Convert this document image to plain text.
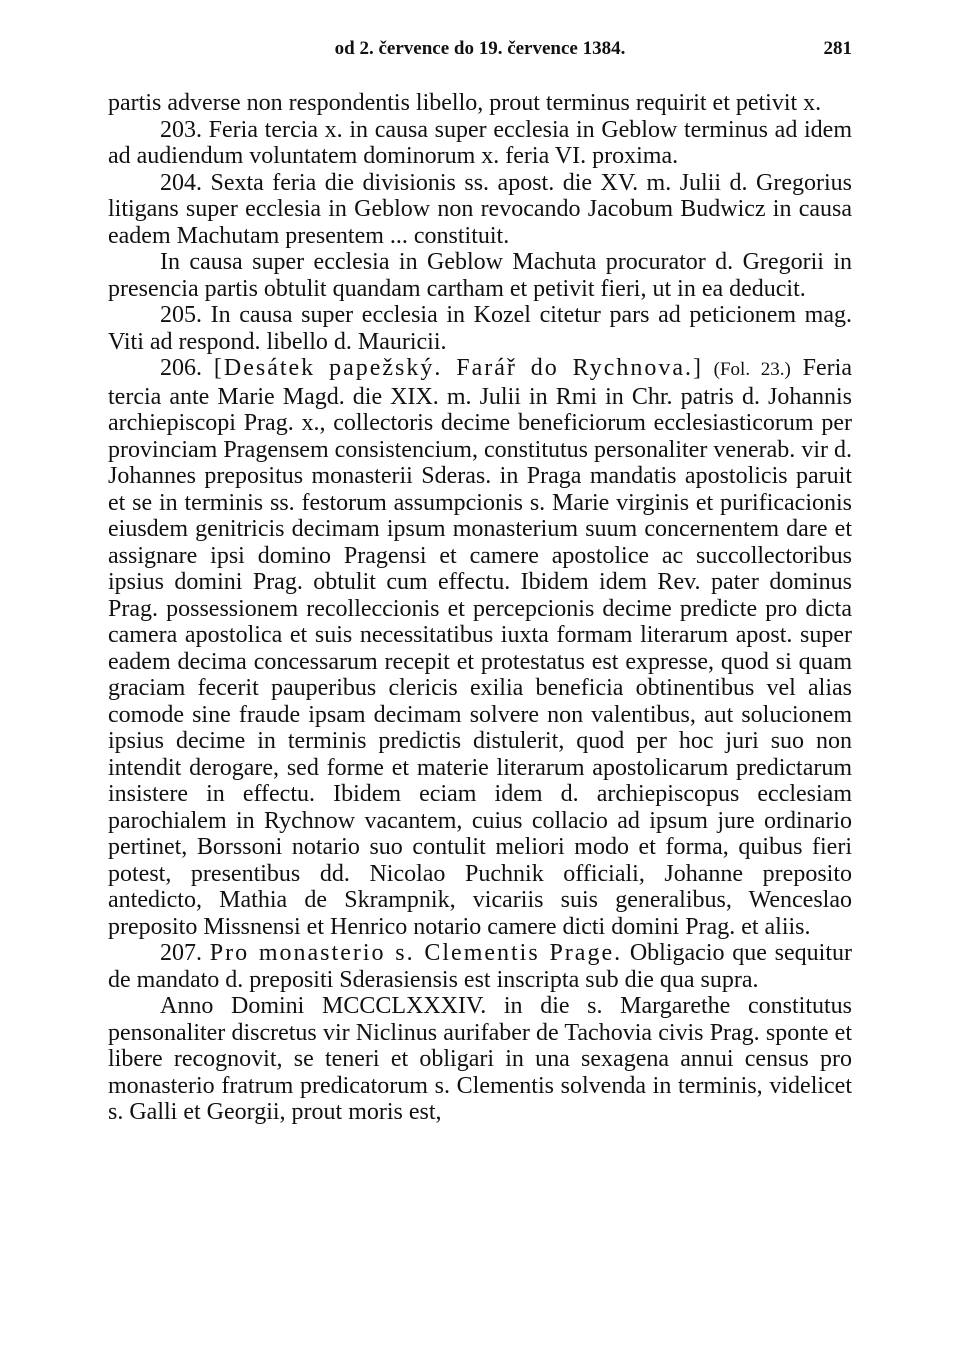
od 2. července do 19. července 1384.	281

partis adverse non respondentis libello, prout terminus requirit et petivit x.

203. Feria tercia x. in causa super ecclesia in Geblow terminus ad idem ad audiendum voluntatem dominorum x. feria VI. proxima.

204. Sexta feria die divisionis ss. apost. die XV. m. Julii d. Gregorius litigans super ecclesia in Geblow non revocando Jacobum Budwicz in causa eadem Machutam presentem ... constituit.

In causa super ecclesia in Geblow Machuta procurator d. Gregorii in presencia partis obtulit quandam cartham et petivit fieri, ut in ea deducit.

205. In causa super ecclesia in Kozel citetur pars ad peticionem mag. Viti ad respond. libello d. Mauricii.

206. [Desátek papežský. Farář do Rychnova.] (Fol. 23.) Feria tercia ante Marie Magd. die XIX. m. Julii in Rmi in Chr. patris d. Johannis archiepiscopi Prag. x., collectoris decime beneficiorum ecclesiasticorum per provinciam Pragensem consistencium, constitutus personaliter venerab. vir d. Johannes prepositus monasterii Sderas. in Praga mandatis apostolicis paruit et se in terminis ss. festorum assumpcionis s. Marie virginis et purificacionis eiusdem genitricis decimam ipsum monasterium suum concernentem dare et assignare ipsi domino Pragensi et camere apostolice ac succollectoribus ipsius domini Prag. obtulit cum effectu. Ibidem idem Rev. pater dominus Prag. possessionem recolleccionis et percepcionis decime predicte pro dicta camera apostolica et suis necessitatibus iuxta formam literarum apost. super eadem decima concessarum recepit et protestatus est expresse, quod si quam graciam fecerit pauperibus clericis exilia beneficia obtinentibus vel alias comode sine fraude ipsam decimam solvere non valentibus, aut solucionem ipsius decime in terminis predictis distulerit, quod per hoc juri suo non intendit derogare, sed forme et materie literarum apostolicarum predictarum insistere in effectu. Ibidem eciam idem d. archiepiscopus ecclesiam parochialem in Rychnow vacantem, cuius collacio ad ipsum jure ordinario pertinet, Borssoni notario suo contulit meliori modo et forma, quibus fieri potest, presentibus dd. Nicolao Puchnik officiali, Johanne preposito antedicto, Mathia de Skrampnik, vicariis suis generalibus, Wenceslao preposito Missnensi et Henrico notario camere dicti domini Prag. et aliis.

207. Pro monasterio s. Clementis Prage. Obligacio que sequitur de mandato d. prepositi Sderasiensis est inscripta sub die qua supra.

Anno Domini MCCCLXXXIV. in die s. Margarethe constitutus pensonaliter discretus vir Niclinus aurifaber de Tachovia civis Prag. sponte et libere recognovit, se teneri et obligari in una sexagena annui census pro monasterio fratrum predicatorum s. Clementis solvenda in terminis, videlicet s. Galli et Georgii, prout moris est,
